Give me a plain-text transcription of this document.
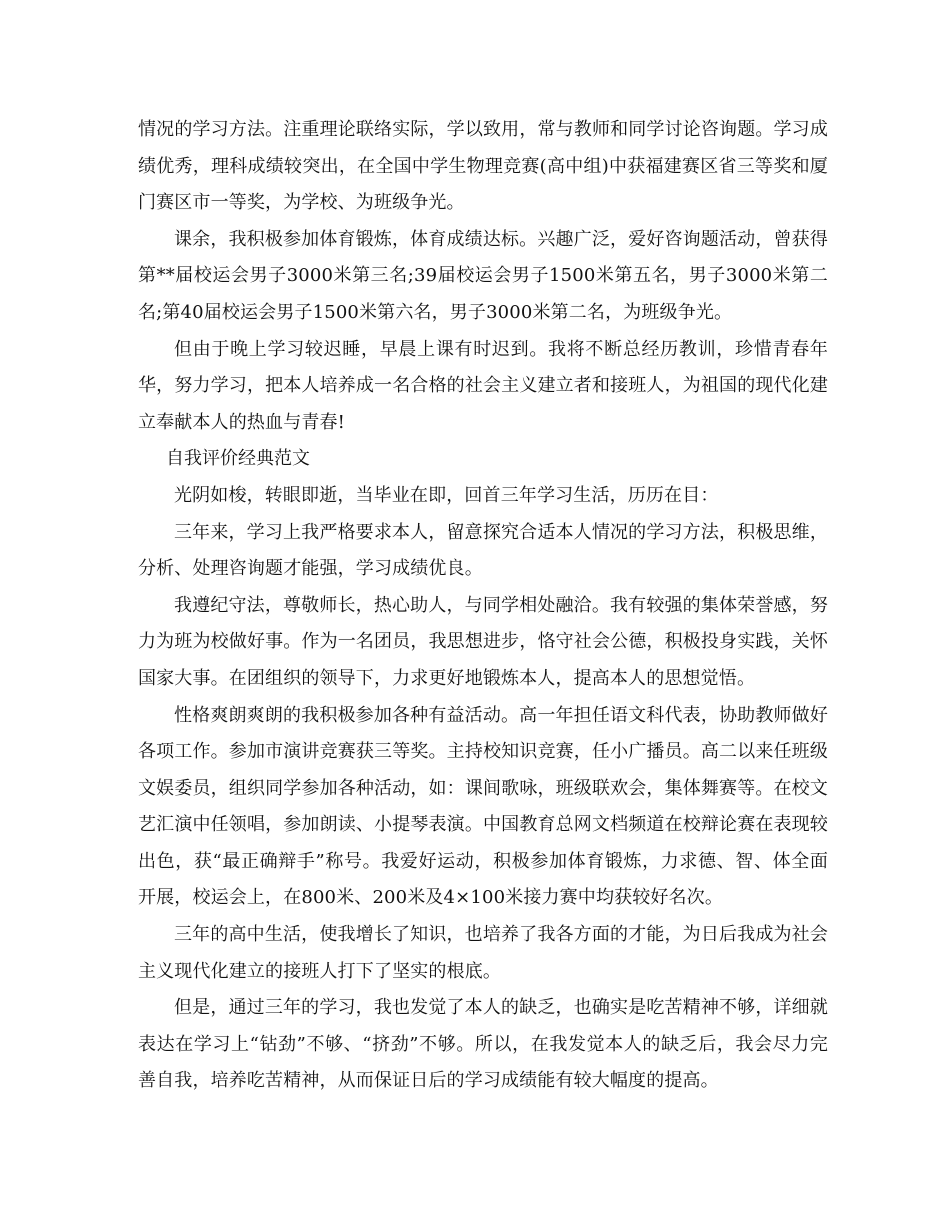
情况的学习方法。注重理论联络实际，学以致用，常与教师和同学讨论咨询题。学习成绩优秀，理科成绩较突出，在全国中学生物理竞赛(高中组)中获福建赛区省三等奖和厦门赛区市一等奖，为学校、为班级争光。

课余，我积极参加体育锻炼，体育成绩达标。兴趣广泛，爱好咨询题活动，曾获得第**届校运会男子3000米第三名;39届校运会男子1500米第五名，男子3000米第二名;第40届校运会男子1500米第六名，男子3000米第二名，为班级争光。

但由于晚上学习较迟睡，早晨上课有时迟到。我将不断总经历教训，珍惜青春年华，努力学习，把本人培养成一名合格的社会主义建立者和接班人，为祖国的现代化建立奉献本人的热血与青春!

自我评价经典范文

光阴如梭，转眼即逝，当毕业在即，回首三年学习生活，历历在目：

三年来，学习上我严格要求本人，留意探究合适本人情况的学习方法，积极思维，分析、处理咨询题才能强，学习成绩优良。

我遵纪守法，尊敬师长，热心助人，与同学相处融洽。我有较强的集体荣誉感，努力为班为校做好事。作为一名团员，我思想进步，恪守社会公德，积极投身实践，关怀国家大事。在团组织的领导下，力求更好地锻炼本人，提高本人的思想觉悟。

性格爽朗爽朗的我积极参加各种有益活动。高一年担任语文科代表，协助教师做好各项工作。参加市演讲竞赛获三等奖。主持校知识竞赛，任小广播员。高二以来任班级文娱委员，组织同学参加各种活动，如：课间歌咏，班级联欢会，集体舞赛等。在校文艺汇演中任领唱，参加朗读、小提琴表演。中国教育总网文档频道在校辩论赛在表现较出色，获“最正确辩手”称号。我爱好运动，积极参加体育锻炼，力求德、智、体全面开展，校运会上，在800米、200米及4×100米接力赛中均获较好名次。

三年的高中生活，使我增长了知识，也培养了我各方面的才能，为日后我成为社会主义现代化建立的接班人打下了坚实的根底。

但是，通过三年的学习，我也发觉了本人的缺乏，也确实是吃苦精神不够，详细就表达在学习上“钻劲”不够、“挤劲”不够。所以，在我发觉本人的缺乏后，我会尽力完善自我，培养吃苦精神，从而保证日后的学习成绩能有较大幅度的提高。
